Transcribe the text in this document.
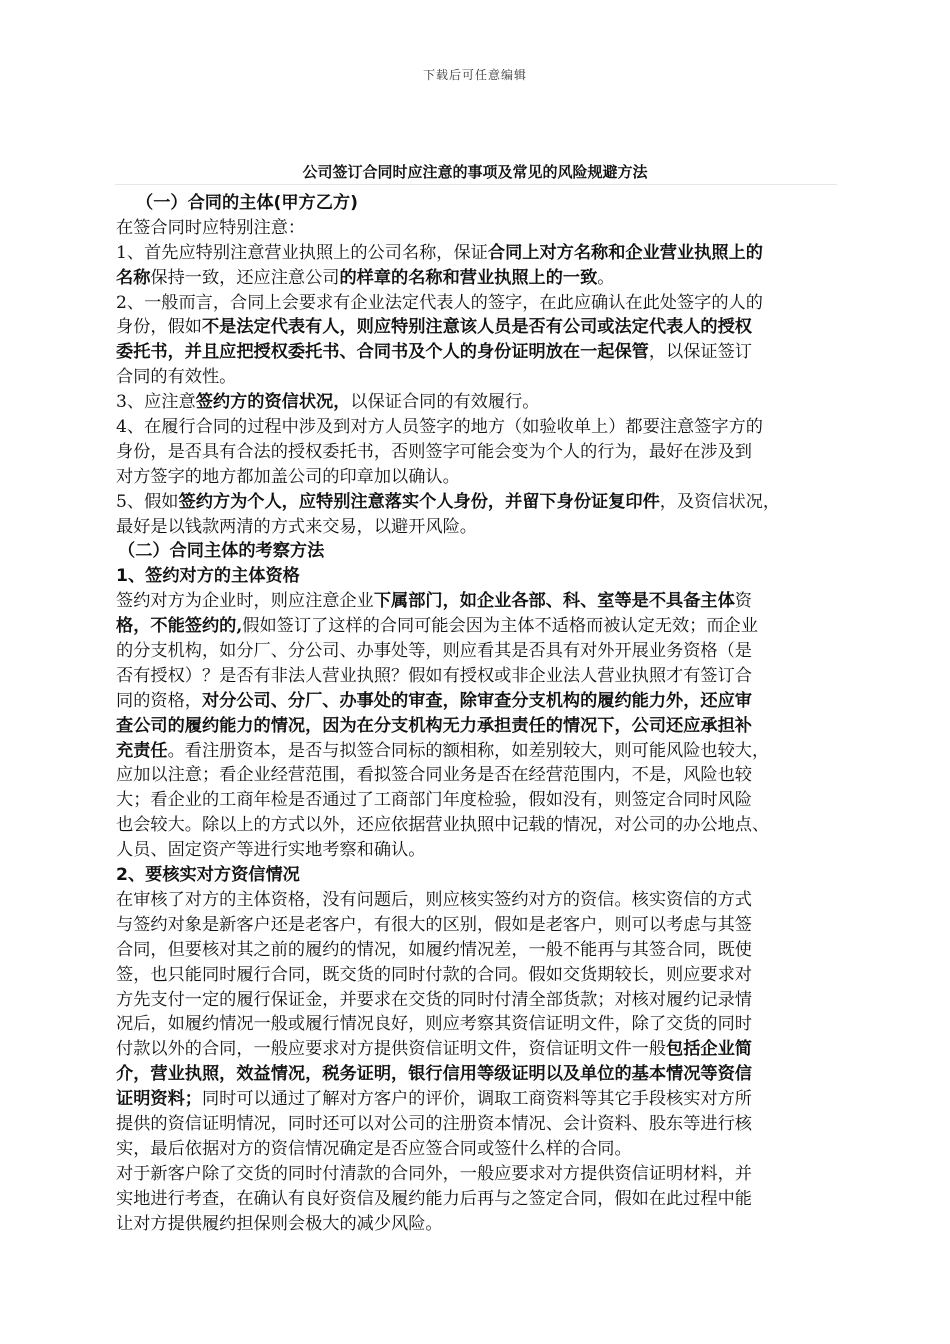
下载后可任意编辑
公司签订合同时应注意的事项及常见的风险规避方法

（一）合同的主体(甲方乙方)

在签合同时应特别注意：

1、首先应特别注意营业执照上的公司名称，保证合同上对方名称和企业营业执照上的

名称保持一致，还应注意公司的样章的名称和营业执照上的一致。

2、一般而言，合同上会要求有企业法定代表人的签字，在此应确认在此处签字的人的

身份，假如不是法定代表有人，则应特别注意该人员是否有公司或法定代表人的授权

委托书，并且应把授权委托书、合同书及个人的身份证明放在一起保管，以保证签订

合同的有效性。

3、应注意签约方的资信状况，以保证合同的有效履行。

4、在履行合同的过程中涉及到对方人员签字的地方（如验收单上）都要注意签字方的

身份，是否具有合法的授权委托书，否则签字可能会变为个人的行为，最好在涉及到

对方签字的地方都加盖公司的印章加以确认。

5、假如签约方为个人，应特别注意落实个人身份，并留下身份证复印件，及资信状况，

最好是以钱款两清的方式来交易，以避开风险。

（二）合同主体的考察方法

1、签约对方的主体资格

签约对方为企业时，则应注意企业下属部门，如企业各部、科、室等是不具备主体资

格，不能签约的,假如签订了这样的合同可能会因为主体不适格而被认定无效；而企业

的分支机构，如分厂、分公司、办事处等，则应看其是否具有对外开展业务资格（是

否有授权）？是否有非法人营业执照？假如有授权或非企业法人营业执照才有签订合

同的资格，对分公司、分厂、办事处的审查，除审查分支机构的履约能力外，还应审

查公司的履约能力的情况，因为在分支机构无力承担责任的情况下，公司还应承担补

充责任。看注册资本，是否与拟签合同标的额相称，如差别较大，则可能风险也较大，

应加以注意；看企业经营范围，看拟签合同业务是否在经营范围内，不是，风险也较

大；看企业的工商年检是否通过了工商部门年度检验，假如没有，则签定合同时风险

也会较大。除以上的方式以外，还应依据营业执照中记载的情况，对公司的办公地点、

人员、固定资产等进行实地考察和确认。

2、要核实对方资信情况

在审核了对方的主体资格，没有问题后，则应核实签约对方的资信。核实资信的方式

与签约对象是新客户还是老客户，有很大的区别，假如是老客户，则可以考虑与其签

合同，但要核对其之前的履约的情况，如履约情况差，一般不能再与其签合同，既使

签，也只能同时履行合同，既交货的同时付款的合同。假如交货期较长，则应要求对

方先支付一定的履行保证金，并要求在交货的同时付清全部货款；对核对履约记录情

况后，如履约情况一般或履行情况良好，则应考察其资信证明文件，除了交货的同时

付款以外的合同，一般应要求对方提供资信证明文件，资信证明文件一般包括企业简

介，营业执照，效益情况，税务证明，银行信用等级证明以及单位的基本情况等资信

证明资料；同时可以通过了解对方客户的评价，调取工商资料等其它手段核实对方所

提供的资信证明情况，同时还可以对公司的注册资本情况、会计资料、股东等进行核

实，最后依据对方的资信情况确定是否应签合同或签什么样的合同。

对于新客户除了交货的同时付清款的合同外，一般应要求对方提供资信证明材料，并

实地进行考查，在确认有良好资信及履约能力后再与之签定合同，假如在此过程中能

让对方提供履约担保则会极大的减少风险。
